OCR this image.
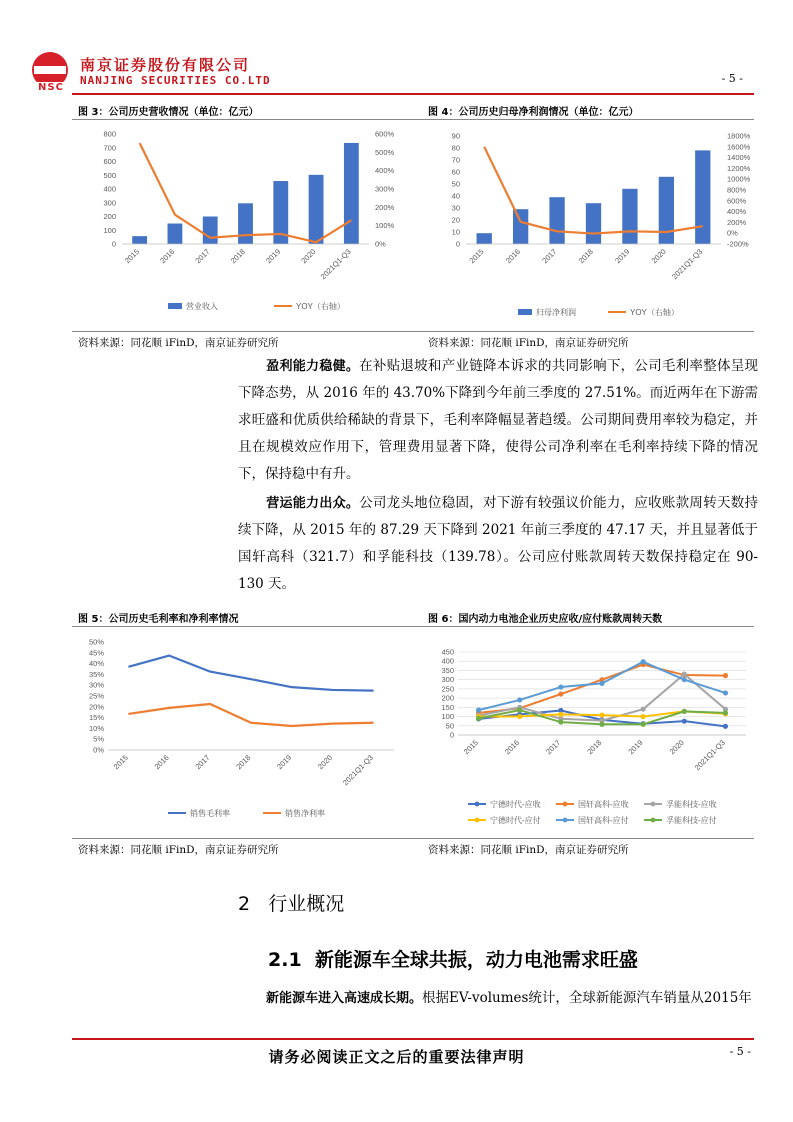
NSC
南京证券股份有限公司
NANJING SECURITIES CO.LTD	- 5 -
图 3：公司历史营收情况（单位：亿元）	图 4：公司历史归母净利润情况（单位：亿元）
0
100
200
300
400
500
600
700
800
0%
100%
200%
300%
400%
500%
600%
2015 2016 2017 2018 2019 2020 2021Q1-Q3
营业收入	YOY（右轴）
0
10
20
30
40
50
60
70
80
90
-200%
0%
200%
400%
600%
800%
1000%
1200%
1400%
1600%
1800%
2015 2016 2017 2018 2019 2020 2021Q1-Q3
归母净利润	YOY（右轴）
资料来源：同花顺 iFinD，南京证券研究所	资料来源：同花顺 iFinD，南京证券研究所
盈利能力稳健。在补贴退坡和产业链降本诉求的共同影响下，公司毛利率整体呈现下降态势，从 2016 年的 43.70%下降到今年前三季度的 27.51%。而近两年在下游需求旺盛和优质供给稀缺的背景下，毛利率降幅显著趋缓。公司期间费用率较为稳定，并且在规模效应作用下，管理费用显著下降，使得公司净利率在毛利率持续下降的情况下，保持稳中有升。
营运能力出众。公司龙头地位稳固，对下游有较强议价能力，应收账款周转天数持续下降，从 2015 年的 87.29 天下降到 2021 年前三季度的 47.17 天，并且显著低于国轩高科（321.7）和孚能科技（139.78）。公司应付账款周转天数保持稳定在 90-130 天。
图 5：公司历史毛利率和净利率情况	图 6：国内动力电池企业历史应收/应付账款周转天数
0%
5%
10%
15%
20%
25%
30%
35%
40%
45%
50%
2015	2016	2017	2018	2019	2020 2021Q1-Q3
销售毛利率	销售净利率
0
50
100
150
200
250
300
350
400
450
2015	2016	2017	2018	2019	2020 2021Q1-Q3
宁德时代-应收	国轩高科-应收	孚能科技-应收
宁德时代-应付	国轩高科-应付	孚能科技-应付
资料来源：同花顺 iFinD，南京证券研究所	资料来源：同花顺 iFinD，南京证券研究所
2 行业概况
2.1 新能源车全球共振，动力电池需求旺盛
新能源车进入高速成长期。根据EV-volumes统计，全球新能源汽车销量从2015年
请务必阅读正文之后的重要法律声明	- 5 -
